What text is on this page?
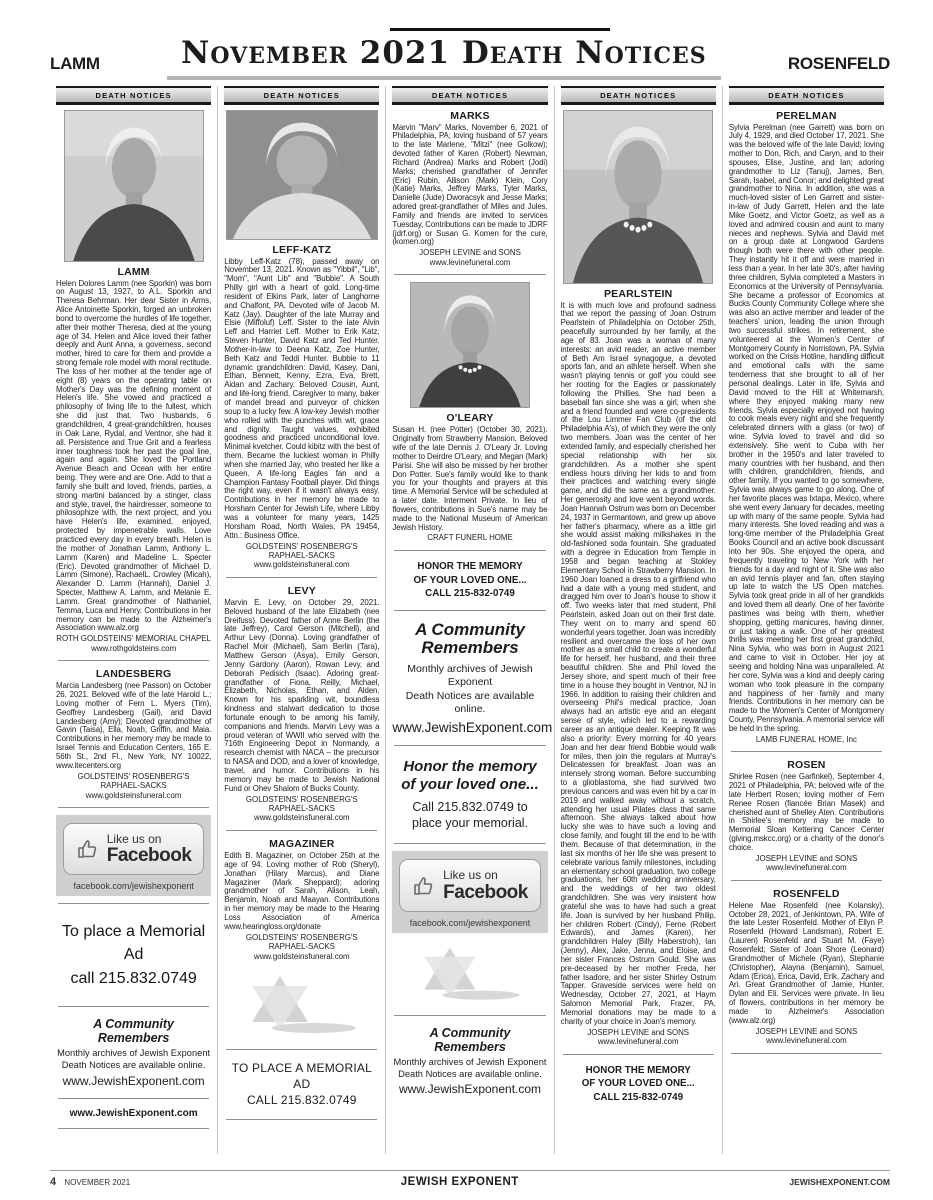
LAMM	November 2021 Death Notices	ROSENFELD
DEATH NOTICES
LAMM

Helen Dolores Lamm (nee Sporkin) was born on August 13, 1927, to A.L. Sporkin and Theresa Behrman. Her dear Sister in Arms, Alice Antoinette Sporkin, forged an unbroken bond to overcome the hurdles of life together, after their mother Theresa, died at the young age of 34. Helen and Alice loved their father deeply and Aunt Anna, a governess, second mother, hired to care for them and provide a strong female role model with moral rectitude. The loss of her mother at the tender age of eight (8) years on the operating table on Mother's Day was the defining moment of Helen's life. She vowed and practiced a philosophy of living life to the fullest, which she did just that. Two husbands, 6 grandchildren, 4 great-grandchildren, houses in Oak Lane, Rydal, and Ventnor, she had it all. Persistence and True Grit and a fearless inner toughness took her past the goal line, again and again. She loved the Portland Avenue Beach and Ocean with her entire being. They were and are One. Add to that a family she built and loved, friends, parties, a strong martini balanced by a stinger, class and style, travel, the hairdresser, someone to philosophize with, the next project, and you have Helen's life, examined, enjoyed, protected by impenetrable walls. Love practiced every day in every breath. Helen is the mother of Jonathan Lamm, Anthony L. Lamm (Karen) and Madeline L. Specter (Eric). Devoted grandmother of Michael D. Lamm (Simone), RachaelL. Crowley (Micah), Alexander D. Lamm (Hannah), Daniel J. Specter, Matthew A. Lamm, and Melanie E. Lamm. Great grandmother of Nathaniel, Temma, Luca and Henry. Contributions in her memory can be made to the Alzheimer's Association www.alz.org

ROTH GOLDSTEINS' MEMORIAL CHAPEL
www.rothgoldsteins.com
LANDESBERG

Marcia Landesberg (nee Passon) on October 26, 2021. Beloved wife of the late Harold L.; Loving mother of Fern L. Myers (Tim), Geoffrey Landesberg (Gail), and David Landesberg (Amy); Devoted grandmother of Gavin (Taisa), Ella, Noah, Griffin, and Maia. Contributions in her memory may be made to Israel Tennis and Education Centers, 165 E. 56th St., 2nd Fl., New York, NY 10022, www.itecenters.org

GOLDSTEINS' ROSENBERG'S
RAPHAEL-SACKS
www.goldsteinsfuneral.com
Like us on
Facebook
facebook.com/jewishexponent
To place a Memorial Ad
call 215.832.0749
A Community Remembers
Monthly archives of Jewish Exponent
Death Notices are available online.
www.JewishExponent.com
www.JewishExponent.com
DEATH NOTICES
LEFF-KATZ

Libby Leff-Katz (78), passed away on November 13, 2021. Known as "Yibbil", "Lib", "Mom", "Aunt Lib" and "Bubbie". A South Philly girl with a heart of gold. Long-time resident of Elkins Park, later of Langhorne and Chalfont, PA. Devoted wife of Jacob M. Katz (Jay). Daughter of the late Murray and Elsie (Miffoluf) Leff. Sister to the late Alvin Leff and Harriet Leff. Mother to Erik Katz, Steven Hunter, David Katz and Ted Hunter. Mother-in-law to Deena Katz, Zoe Hunter, Beth Katz and Teddi Hunter. Bubbie to 11 dynamic grandchildren: David, Kasey, Dani, Ethan, Bennett, Kenny, Ezra, Eva, Brett, Aidan and Zachary. Beloved Cousin, Aunt, and life-long friend. Caregiver to many, baker of mandel bread and purveyor of chicken soup to a lucky few. A low-key Jewish mother who rolled with the punches with wit, grace and dignity. Taught values, exhibited goodness and practiced unconditional love. Minimal kvetcher. Could kibitz with the best of them. Became the luckiest woman in Philly when she married Jay, who treated her like a Queen. A life-long Eagles fan and a Champion Fantasy Football player. Did things the right way, even if it wasn't always easy. Contributions in her memory be made to Horsham Center for Jewish Life, where Libby was a volunteer for many years, 1425 Horsham Road, North Wales, PA 19454, Attn.: Business Office.

GOLDSTEINS' ROSENBERG'S
RAPHAEL-SACKS
www.goldsteinsfuneral.com
LEVY

Marvin E. Levy, on October 29, 2021. Beloved husband of the late Elizabeth (nee Dreifuss). Devoted father of Anne Berlin (the late Jeffrey), Carol Gerson (Mitchell), and Arthur Levy (Donna). Loving grandfather of Rachel Moir (Michael), Sam Berlin (Tara), Matthew Gerson (Asya), Emily Gerson, Jenny Gardony (Aaron), Rowan Levy, and Deborah Pedisich (Isaac). Adoring great-grandfather of Fiona, Reilly, Michael, Elizabeth, Nicholas, Ethan, and Alden. Known for his sparkling wit, boundless kindness and stalwart dedication to those fortunate enough to be among his family, companions and friends. Marvin Levy was a proud veteran of WWII who served with the 716th Engineering Depot in Normandy, a research chemist with NACA – the precursor to NASA and DOD, and a lover of knowledge, travel, and humor. Contributions in his memory may be made to Jewish National Fund or Ohev Shalom of Bucks County.

GOLDSTEINS' ROSENBERG'S
RAPHAEL-SACKS
www.goldsteinsfuneral.com
MAGAZINER

Edith B. Magaziner, on October 25th at the age of 94. Loving mother of Rob (Sheryl), Jonathan (Hilary Marcus), and Diane Magaziner (Mark Sheppard); adoring grandmother of Sarah, Alison, Leah, Benjamin, Noah and Maayan. Contributions in her memory may be made to the Hearing Loss Association of America www.hearingloss.org/donate

GOLDSTEINS' ROSENBERG'S
RAPHAEL-SACKS
www.goldsteinsfuneral.com
TO PLACE A MEMORIAL AD
CALL 215.832.0749
DEATH NOTICES
MARKS

Marvin "Marv" Marks, November 6, 2021 of Philadelphia, PA; loving husband of 57 years to the late Marlene, "Mitzi" (nee Golkow); devoted father of Karen (Robert) Newman, Richard (Andrea) Marks and Robert (Jodi) Marks; cherished grandfather of Jennifer (Eric) Rubin, Allison (Mark) Klein, Cory (Katie) Marks, Jeffrey Marks, Tyler Marks, Danielle (Jude) Dworacsyk and Jesse Marks; adored great-grandfather of Miles and Jules. Family and friends are invited to services Tuesday, Contributions can be made to JDRF (jdrf.org) or Susan G. Komen for the cure, (komen.org)

JOSEPH LEVINE and SONS
www.levinefuneral.com
O'LEARY

Susan H. (nee Potter) (October 30, 2021). Originally from Strawberry Mansion. Beloved wife of the late Dennis J. O'Leary Jr. Loving mother to Deirdre O'Leary, and Megan (Mark) Parisi. She will also be missed by her brother Don Potter. Sue's family would like to thank you for your thoughts and prayers at this time. A Memorial Service will be scheduled at a later date. Interment Private. In lieu of flowers, contributions in Sue's name may be made to the National Museum of American Jewish History.

CRAFT FUNERL HOME
HONOR THE MEMORY
OF YOUR LOVED ONE...
CALL 215-832-0749
A Community Remembers
Monthly archives of Jewish Exponent
Death Notices are available online.
www.JewishExponent.com
Honor the memory
of your loved one...
Call 215.832.0749 to
place your memorial.
Like us on
Facebook
facebook.com/jewishexponent
A Community Remembers
Monthly archives of Jewish Exponent
Death Notices are available online.
www.JewishExponent.com
DEATH NOTICES
PEARLSTEIN

It is with much love and profound sadness that we report the passing of Joan Ostrum Pearlstein of Philadelphia on October 25th, peacefully surrounded by her family, at the age of 83. Joan was a woman of many interests: an avid reader, an active member of Beth Am Israel synagogue, a devoted sports fan, and an athlete herself. When she wasn't playing tennis or golf you could see her rooting for the Eagles or passionately following the Phillies. She had been a baseball fan since she was a girl, when she and a friend founded and were co-presidents of the Lou Limmer Fan Club (of the old Philadelphia A's), of which they were the only two members. Joan was the center of her extended family, and especially cherished her special relationship with her six grandchildren. As a mother she spent endless hours driving her kids to and from their practices and watching every single game, and did the same as a grandmother. Her generosity and love went beyond words. Joan Hannah Ostrum was born on December 24, 1937 in Germantown, and grew up above her father's pharmacy, where as a little girl she would assist making milkshakes in the old-fashioned soda fountain. She graduated with a degree in Education from Temple in 1958 and began teaching at Stokley Elementary School in Strawberry Mansion. In 1960 Joan loaned a dress to a girlfriend who had a date with a young med student, and dragged him over to Joan's house to show it off. Two weeks later that med student, Phil Pearlstein, asked Joan out on their first date. They went on to marry and spend 60 wonderful years together. Joan was incredibly resilient and overcame the loss of her own mother as a small child to create a wonderful life for herself, her husband, and their three beautiful children. She and Phil loved the Jersey shore, and spent much of their free time in a house they bought in Ventnor, NJ in 1966. In addition to raising their children and overseeing Phil's medical practice, Joan always had an artistic eye and an elegant sense of style, which led to a rewarding career as an antique dealer. Keeping fit was also a priority: Every morning for 40 years Joan and her dear friend Bobbie would walk for miles, then join the regulars at Murray's Delicatessen for breakfast. Joan was an intensely strong woman. Before succumbing to a glioblastoma, she had survived two previous cancers and was even hit by a car in 2019 and walked away without a scratch, attending her usual Pilates class that same afternoon. She always talked about how lucky she was to have such a loving and close family, and fought till the end to be with them. Because of that determination, in the last six months of her life she was present to celebrate various family milestones, including an elementary school graduation, two college graduations, her 60th wedding anniversary, and the weddings of her two oldest grandchildren. She was very insistent how grateful she was to have had such a great life. Joan is survived by her husband Philip, her children Robert (Cindy), Ferne (Robert Edwards), and James (Karen), her grandchildren Haley (Billy Haberstroh), Ian (Jenny), Alex, Jake, Jenna, and Eloise, and her sister Frances Ostrum Gould. She was pre-deceased by her mother Freda, her father Isadore, and her sister Shirley Ostrum Tapper. Graveside services were held on Wednesday, October 27, 2021, at Haym Salomon Memorial Park, Frazer, PA. Memorial donations may be made to a charity of your choice in Joan's memory.

JOSEPH LEVINE and SONS
www.levinefuneral.com
HONOR THE MEMORY
OF YOUR LOVED ONE...
CALL 215-832-0749
DEATH NOTICES
PERELMAN

Sylvia Perelman (nee Garrett) was born on July 4, 1929, and died October 17, 2021. She was the beloved wife of the late David; loving mother to Don, Rich, and Caryn, and to their spouses, Elise, Justine, and Ian; adoring grandmother to Liz (Tanuj), James, Ben, Sarah, Isabel, and Conor; and delighted great grandmother to Nina. In addition, she was a much-loved sister of Len Garrett and sister-in-law of Judy Garrett, Helen and the late Mike Goetz, and Victor Goetz, as well as a loved and admired cousin and aunt to many nieces and nephews. Sylvia and David met on a group date at Longwood Gardens though both were there with other people. They instantly hit it off and were married in less than a year. In her late 30's, after having three children, Sylvia completed a Masters in Economics at the University of Pennsylvania. She became a professor of Economics at Bucks County Community College where she was also an active member and leader of the teachers' union, leading the union through two successful strikes. In retirement, she volunteered at the Women's Center of Montgomery County in Norristown, PA. Sylvia worked on the Crisis Hotline, handling difficult and emotional calls with the same tenderness that she brought to all of her personal dealings. Later in life, Sylvia and David moved to the Hill at Whitemarsh, where they enjoyed making many new friends. Sylvia especially enjoyed not having to cook meals every night and she frequently celebrated dinners with a glass (or two) of wine. Sylvia loved to travel and did so extensively. She went to Cuba with her brother in the 1950's and later traveled to many countries with her husband, and then with children, grandchildren, friends, and other family. If you wanted to go somewhere, Sylvia was always game to go along. One of her favorite places was Ixtapa, Mexico, where she went every January for decades, meeting up with many of the same people. Sylvia had many interests. She loved reading and was a long-time member of the Philadelphia Great Books Council and an active book discussant into her 90s. She enjoyed the opera, and frequently traveling to New York with her friends for a day and night of it. She was also an avid tennis player and fan, often staying up late to watch the US Open matches. Sylvia took great pride in all of her grandkids and loved them all dearly. One of her favorite pastimes was being with them, whether shopping, getting manicures, having dinner, or just taking a walk. One of her greatest thrills was meeting her first great grandchild, Nina Sylvia, who was born in August 2021 and came to visit in October. Her joy at seeing and holding Nina was unparalleled. At her core, Sylvia was a kind and deeply caring woman who took pleasure in the company and happiness of her family and many friends. Contributions in her memory can be made to the Women's Center of Montgomery County, Pennsylvania. A memorial service will be held in the spring.

LAMB FUNERAL HOME, Inc
ROSEN

Shirlee Rosen (nee Garfinkel), September 4, 2021 of Philadelphia, PA; beloved wife of the late Herbert Rosen; loving mother of Fern Renee Rosen (fiancée Brian Masek) and cherished aunt of Shelley Aten. Contributions in Shirlee's memory may be made to Memorial Sloan Kettering Cancer Center (giving.mskcc.org) or a charity of the donor's choice.

JOSEPH LEVINE and SONS
www.levinefuneral.com
ROSENFELD

Helene Mae Rosenfeld (nee Kolansky), October 28, 2021, of Jenkintown, PA. Wife of the late Lester Rosenfeld. Mother of Ellyn P. Rosenfeld (Howard Landsman), Robert E. (Lauren) Rosenfeld and Stuart M. (Faye) Rosenfeld; Sister of Joan Shore (Leonard) Grandmother of Michele (Ryan), Stephanie (Christopher), Alayna (Benjamin), Samuel, Adam (Erica), Erica, David, Erik, Zachary and Ari. Great Grandmother of Jamie, Hunter, Dylan and Eli. Services were private. In lieu of flowers, contributions in her memory be made to Alzheimer's Association (www.alz.org)

JOSEPH LEVINE and SONS
www.levinefuneral.com
4 NOVEMBER 2021	JEWISH EXPONENT	JEWISHEXPONENT.COM
